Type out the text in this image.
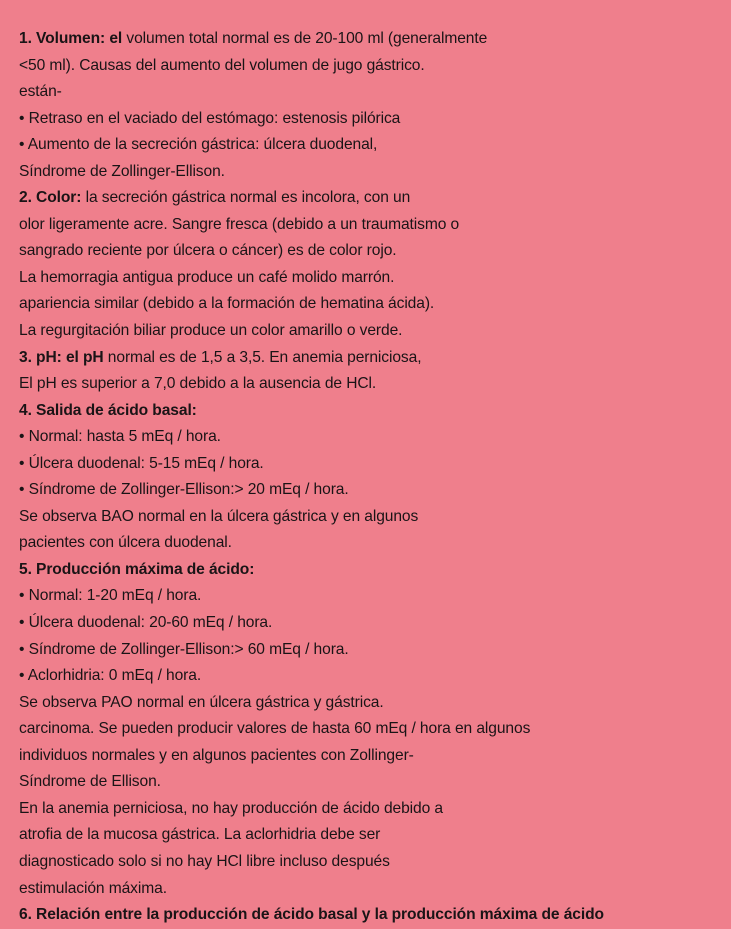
1. Volumen: el volumen total normal es de 20-100 ml (generalmente
<50 ml). Causas del aumento del volumen de jugo gástrico.
están-
• Retraso en el vaciado del estómago: estenosis pilórica
• Aumento de la secreción gástrica: úlcera duodenal,
Síndrome de Zollinger-Ellison.
2. Color: la secreción gástrica normal es incolora, con un
olor ligeramente acre. Sangre fresca (debido a un traumatismo o
sangrado reciente por úlcera o cáncer) es de color rojo.
La hemorragia antigua produce un café molido marrón.
apariencia similar (debido a la formación de hematina ácida).
La regurgitación biliar produce un color amarillo o verde.
3. pH: el pH normal es de 1,5 a 3,5. En anemia perniciosa,
El pH es superior a 7,0 debido a la ausencia de HCl.
4. Salida de ácido basal:
• Normal: hasta 5 mEq / hora.
• Úlcera duodenal: 5-15 mEq / hora.
• Síndrome de Zollinger-Ellison:> 20 mEq / hora.
Se observa BAO normal en la úlcera gástrica y en algunos
pacientes con úlcera duodenal.
5. Producción máxima de ácido:
• Normal: 1-20 mEq / hora.
• Úlcera duodenal: 20-60 mEq / hora.
• Síndrome de Zollinger-Ellison:> 60 mEq / hora.
• Aclorhidria: 0 mEq / hora.
Se observa PAO normal en úlcera gástrica y gástrica.
carcinoma. Se pueden producir valores de hasta 60 mEq / hora en algunos
individuos normales y en algunos pacientes con Zollinger-
Síndrome de Ellison.
En la anemia perniciosa, no hay producción de ácido debido a
atrofia de la mucosa gástrica. La aclorhidria debe ser
diagnosticado solo si no hay HCl libre incluso después
estimulación máxima.
6. Relación entre la producción de ácido basal y la producción máxima de ácido
